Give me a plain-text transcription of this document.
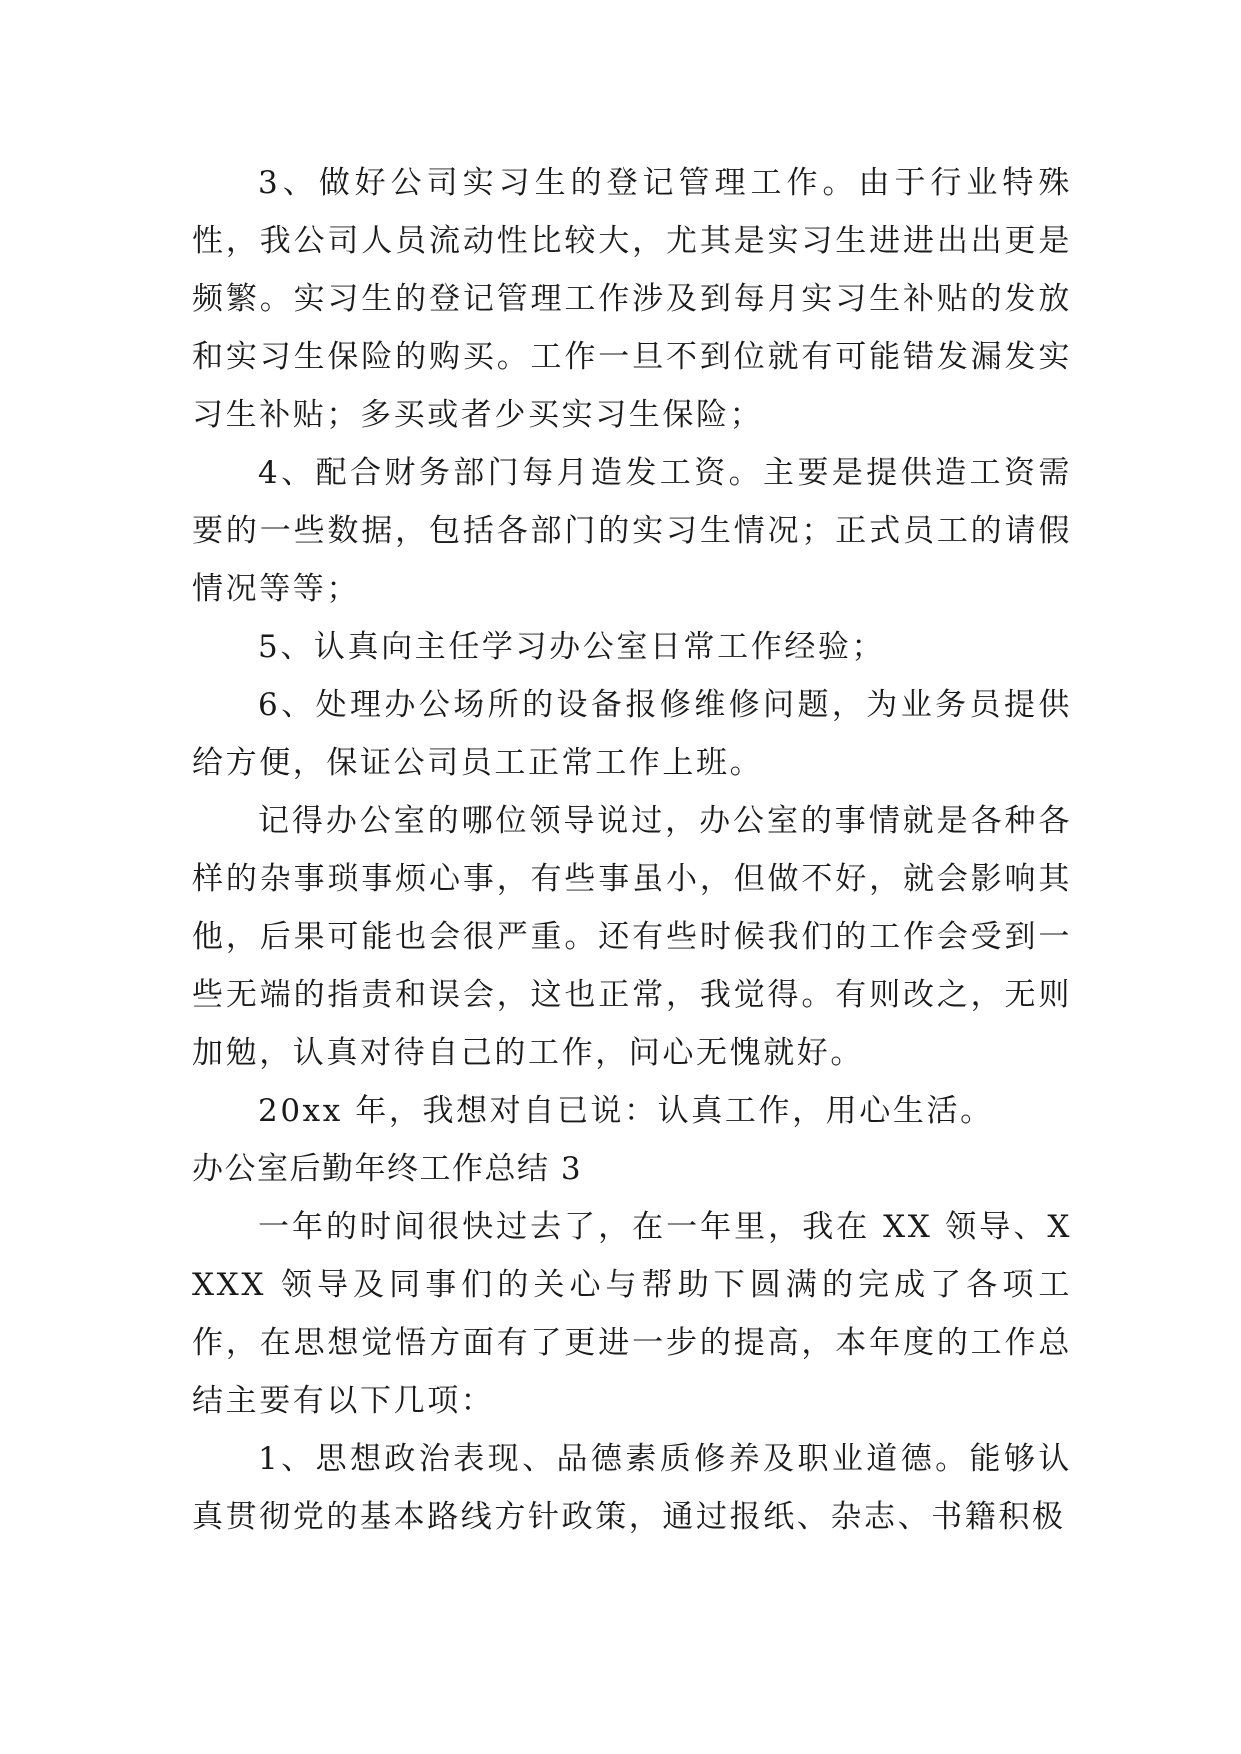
3、做好公司实习生的登记管理工作。由于行业特殊性，我公司人员流动性比较大，尤其是实习生进进出出更是频繁。实习生的登记管理工作涉及到每月实习生补贴的发放和实习生保险的购买。工作一旦不到位就有可能错发漏发实习生补贴；多买或者少买实习生保险；

4、配合财务部门每月造发工资。主要是提供造工资需要的一些数据，包括各部门的实习生情况；正式员工的请假情况等等；

5、认真向主任学习办公室日常工作经验；

6、处理办公场所的设备报修维修问题，为业务员提供给方便，保证公司员工正常工作上班。

记得办公室的哪位领导说过，办公室的事情就是各种各样的杂事琐事烦心事，有些事虽小，但做不好，就会影响其他，后果可能也会很严重。还有些时候我们的工作会受到一些无端的指责和误会，这也正常，我觉得。有则改之，无则加勉，认真对待自己的工作，问心无愧就好。

20xx 年，我想对自已说：认真工作，用心生活。

办公室后勤年终工作总结 3

一年的时间很快过去了，在一年里，我在 XX 领导、XXXX 领导及同事们的关心与帮助下圆满的完成了各项工作，在思想觉悟方面有了更进一步的提高，本年度的工作总结主要有以下几项：

1、思想政治表现、品德素质修养及职业道德。能够认真贯彻党的基本路线方针政策，通过报纸、杂志、书籍积极
